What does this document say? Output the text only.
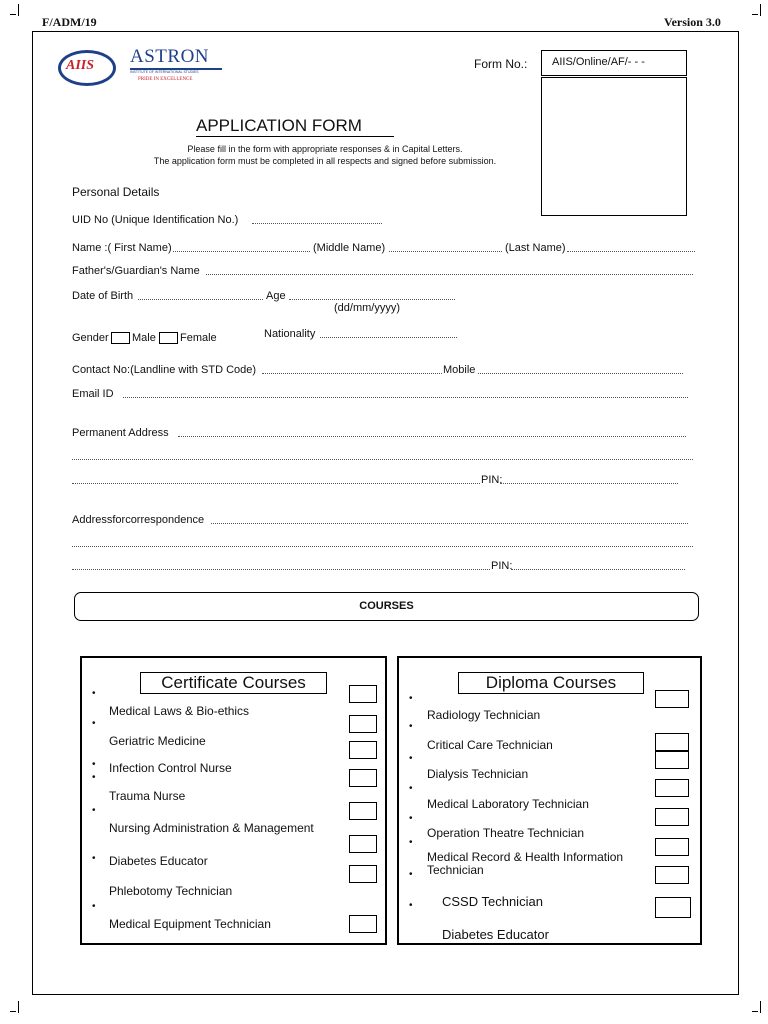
F/ADM/19	Version 3.0
AIIS ASTRON
INSTITUTE OF INTERNATIONAL STUDIES
PRIDE IN EXCELLENCE
Form No.: AIIS/Online/AF/- - -
APPLICATION FORM
Please fill in the form with appropriate responses & in Capital Letters.
The application form must be completed in all respects and signed before submission.
Personal Details
UID No (Unique Identification No.)
Name :( First Name)	(Middle Name)	(Last Name)
Father's/Guardian's Name
Date of Birth	Age
(dd/mm/yyyy)
Gender Male Female	Nationality
Contact No:(Landline with STD Code)	Mobile
Email ID
Permanent Address
PIN:
Addressforcorrespondence
PIN:
COURSES
Certificate Courses
•
Medical Laws & Bio-ethics
•
Geriatric Medicine
• Infection Control Nurse
•
Trauma Nurse
•
Nursing Administration & Management
• Diabetes Educator
Phlebotomy Technician
•
Medical Equipment Technician
Diploma Courses
•
Radiology Technician
•
Critical Care Technician
•
Dialysis Technician
•
Medical Laboratory Technician
•
Operation Theatre Technician
•
Medical Record & Health Information
Technician
•
• CSSD Technician
Diabetes Educator
